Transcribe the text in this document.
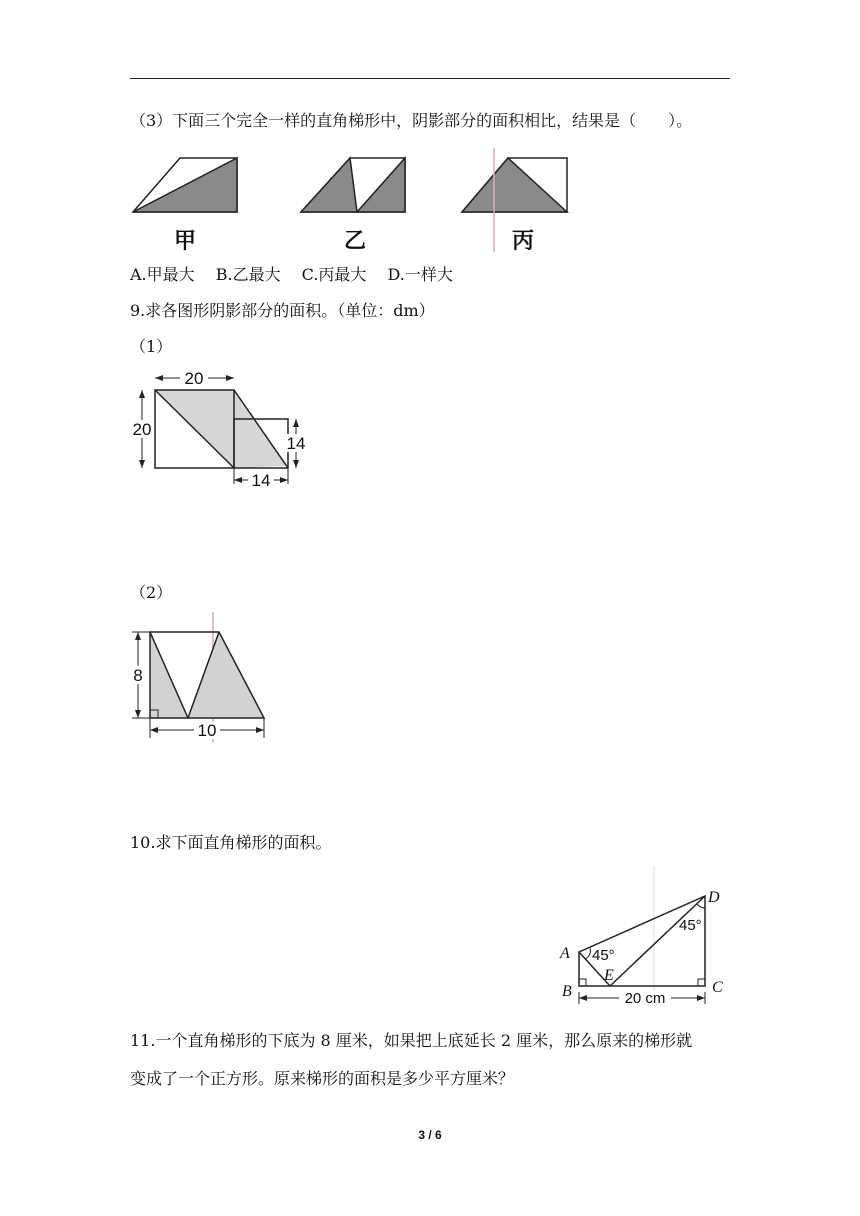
（3）下面三个完全一样的直角梯形中，阴影部分的面积相比，结果是（　　）。
甲	乙	丙
A.甲最大　 B.乙最大　 C.丙最大　 D.一样大
9.求各图形阴影部分的面积。（单位：dm）
（1）
20
20
14
14
（2）
8
10
10.求下面直角梯形的面积。
20 cm
A
B	C
D
E
45°
45°
11.一个直角梯形的下底为 8 厘米，如果把上底延长 2 厘米，那么原来的梯形就
变成了一个正方形。原来梯形的面积是多少平方厘米？
3 / 6
